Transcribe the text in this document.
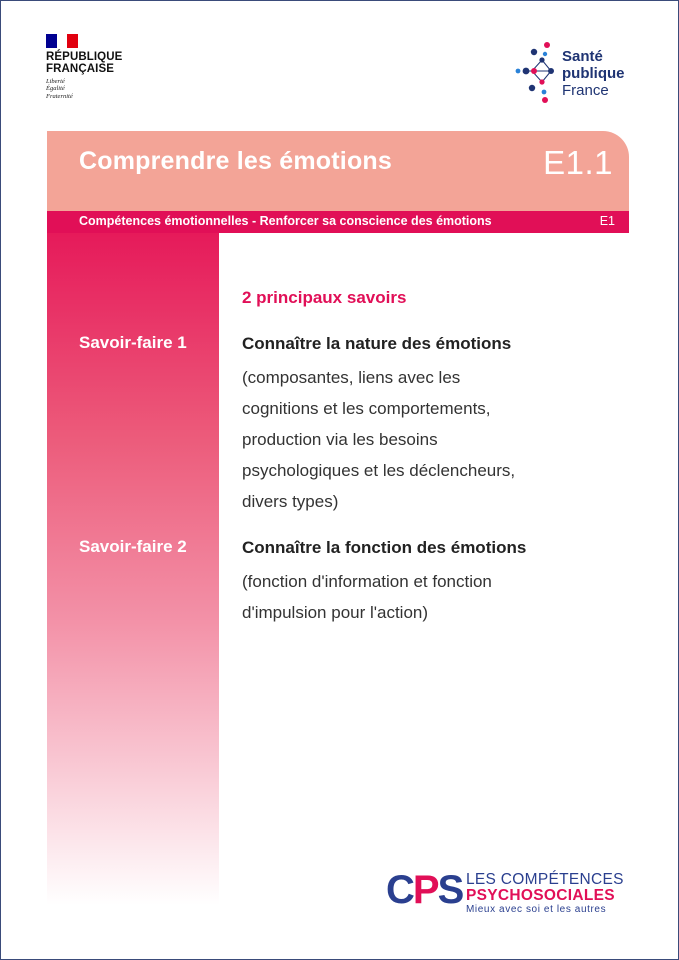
RÉPUBLIQUE
FRANÇAISE
Liberté
Égalité
Fraternité
Santé
publique
France
Comprendre les émotions	E1.1
Compétences émotionnelles - Renforcer sa conscience des émotions	E1
2 principaux savoirs
Savoir-faire 1	Connaître la nature des émotions
(composantes, liens avec les
cognitions et les comportements,
production via les besoins
psychologiques et les déclencheurs,
divers types)
Savoir-faire 2	Connaître la fonction des émotions
(fonction d'information et fonction
d'impulsion pour l'action)
CPS LES COMPÉTENCES
PSYCHOSOCIALES
Mieux avec soi et les autres
